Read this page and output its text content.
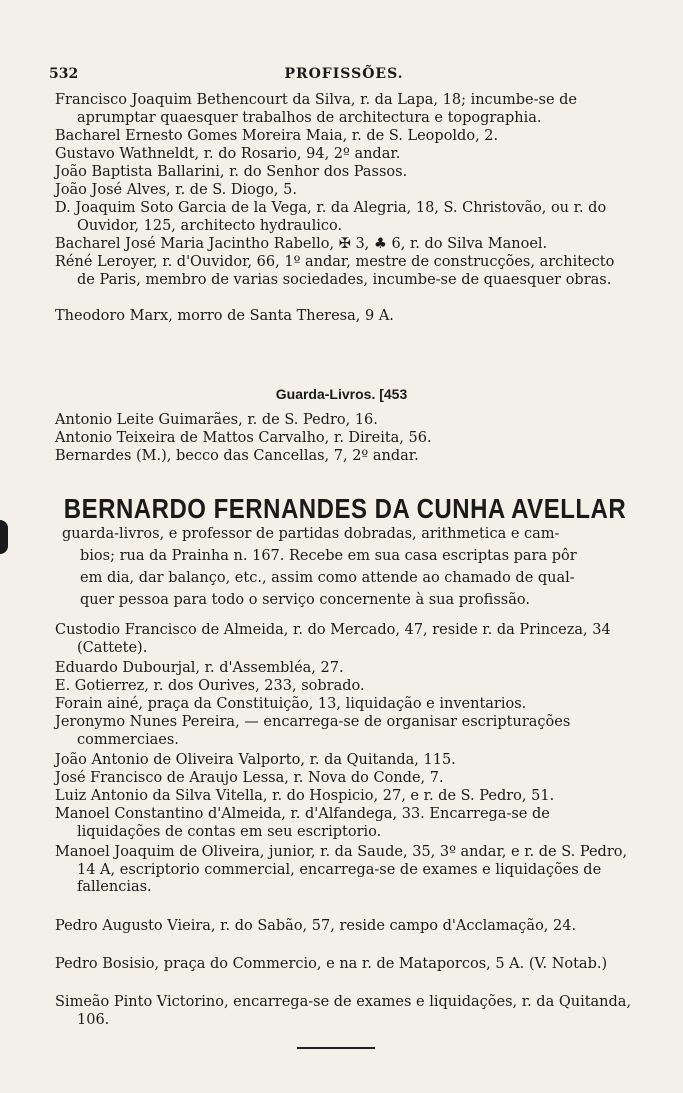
532	PROFISSÕES.
Francisco Joaquim Bethencourt da Silva, r. da Lapa, 18; incumbe-se de aprumptar quaesquer trabalhos de architectura e topographia.
Bacharel Ernesto Gomes Moreira Maia, r. de S. Leopoldo, 2.
Gustavo Wathneldt, r. do Rosario, 94, 2º andar.
João Baptista Ballarini, r. do Senhor dos Passos.
João José Alves, r. de S. Diogo, 5.
D. Joaquim Soto Garcia de la Vega, r. da Alegria, 18, S. Christovão, ou r. do Ouvidor, 125, architecto hydraulico.
Bacharel José Maria Jacintho Rabello, ✠ 3, ♣ 6, r. do Silva Manoel.
Réné Leroyer, r. d'Ouvidor, 66, 1º andar, mestre de construcções, architecto de Paris, membro de varias sociedades, incumbe-se de quaesquer obras.
Theodoro Marx, morro de Santa Theresa, 9 A.
Guarda-Livros. [453
Antonio Leite Guimarães, r. de S. Pedro, 16.
Antonio Teixeira de Mattos Carvalho, r. Direita, 56.
Bernardes (M.), becco das Cancellas, 7, 2º andar.
BERNARDO FERNANDES DA CUNHA AVELLAR
guarda-livros, e professor de partidas dobradas, arithmetica e cam-
bios; rua da Prainha n. 167. Recebe em sua casa escriptas para pôr
em dia, dar balanço, etc., assim como attende ao chamado de qual-
quer pessoa para todo o serviço concernente à sua profissão.
Custodio Francisco de Almeida, r. do Mercado, 47, reside r. da Princeza, 34 (Cattete).
Eduardo Dubourjal, r. d'Assembléa, 27.
E. Gotierrez, r. dos Ourives, 233, sobrado.
Forain ainé, praça da Constituição, 13, liquidação e inventarios.
Jeronymo Nunes Pereira, — encarrega-se de organisar escripturações commerciaes.
João Antonio de Oliveira Valporto, r. da Quitanda, 115.
José Francisco de Araujo Lessa, r. Nova do Conde, 7.
Luiz Antonio da Silva Vitella, r. do Hospicio, 27, e r. de S. Pedro, 51.
Manoel Constantino d'Almeida, r. d'Alfandega, 33. Encarrega-se de liquidações de contas em seu escriptorio.
Manoel Joaquim de Oliveira, junior, r. da Saude, 35, 3º andar, e r. de S. Pedro, 14 A, escriptorio commercial, encarrega-se de exames e liquidações de fallencias.
Pedro Augusto Vieira, r. do Sabão, 57, reside campo d'Acclamação, 24.
Pedro Bosisio, praça do Commercio, e na r. de Mataporcos, 5 A. (V. Notab.)
Simeão Pinto Victorino, encarrega-se de exames e liquidações, r. da Quitanda, 106.
